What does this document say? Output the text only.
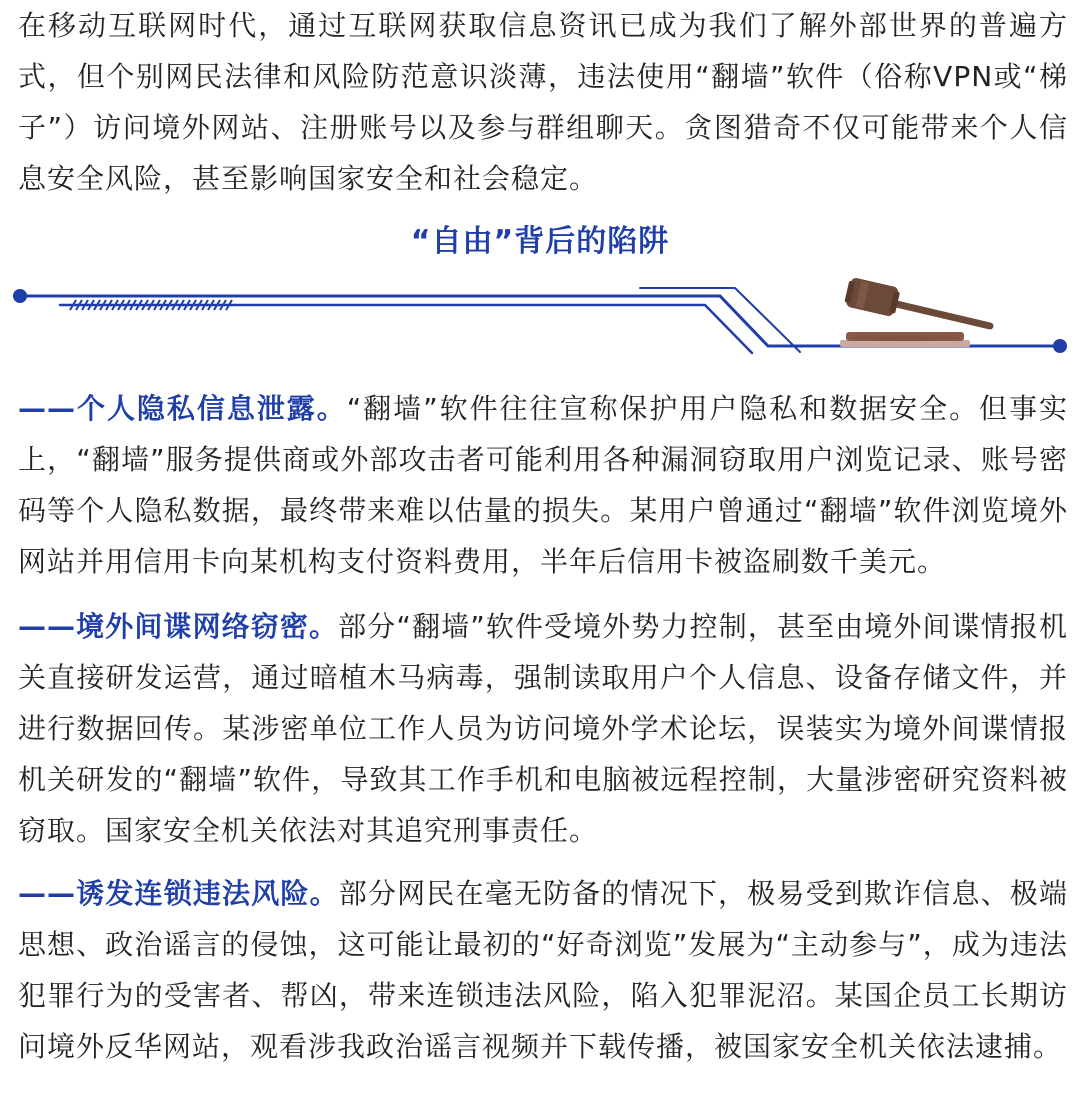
在移动互联网时代，通过互联网获取信息资讯已成为我们了解外部世界的普遍方式，但个别网民法律和风险防范意识淡薄，违法使用“翻墙”软件（俗称VPN或“梯子”）访问境外网站、注册账号以及参与群组聊天。贪图猎奇不仅可能带来个人信息安全风险，甚至影响国家安全和社会稳定。

“自由”背后的陷阱

——个人隐私信息泄露。“翻墙”软件往往宣称保护用户隐私和数据安全。但事实上，“翻墙”服务提供商或外部攻击者可能利用各种漏洞窃取用户浏览记录、账号密码等个人隐私数据，最终带来难以估量的损失。某用户曾通过“翻墙”软件浏览境外网站并用信用卡向某机构支付资料费用，半年后信用卡被盗刷数千美元。

——境外间谍网络窃密。部分“翻墙”软件受境外势力控制，甚至由境外间谍情报机关直接研发运营，通过暗植木马病毒，强制读取用户个人信息、设备存储文件，并进行数据回传。某涉密单位工作人员为访问境外学术论坛，误装实为境外间谍情报机关研发的“翻墙”软件，导致其工作手机和电脑被远程控制，大量涉密研究资料被窃取。国家安全机关依法对其追究刑事责任。

——诱发连锁违法风险。部分网民在毫无防备的情况下，极易受到欺诈信息、极端思想、政治谣言的侵蚀，这可能让最初的“好奇浏览”发展为“主动参与”，成为违法犯罪行为的受害者、帮凶，带来连锁违法风险，陷入犯罪泥沼。某国企员工长期访问境外反华网站，观看涉我政治谣言视频并下载传播，被国家安全机关依法逮捕。
